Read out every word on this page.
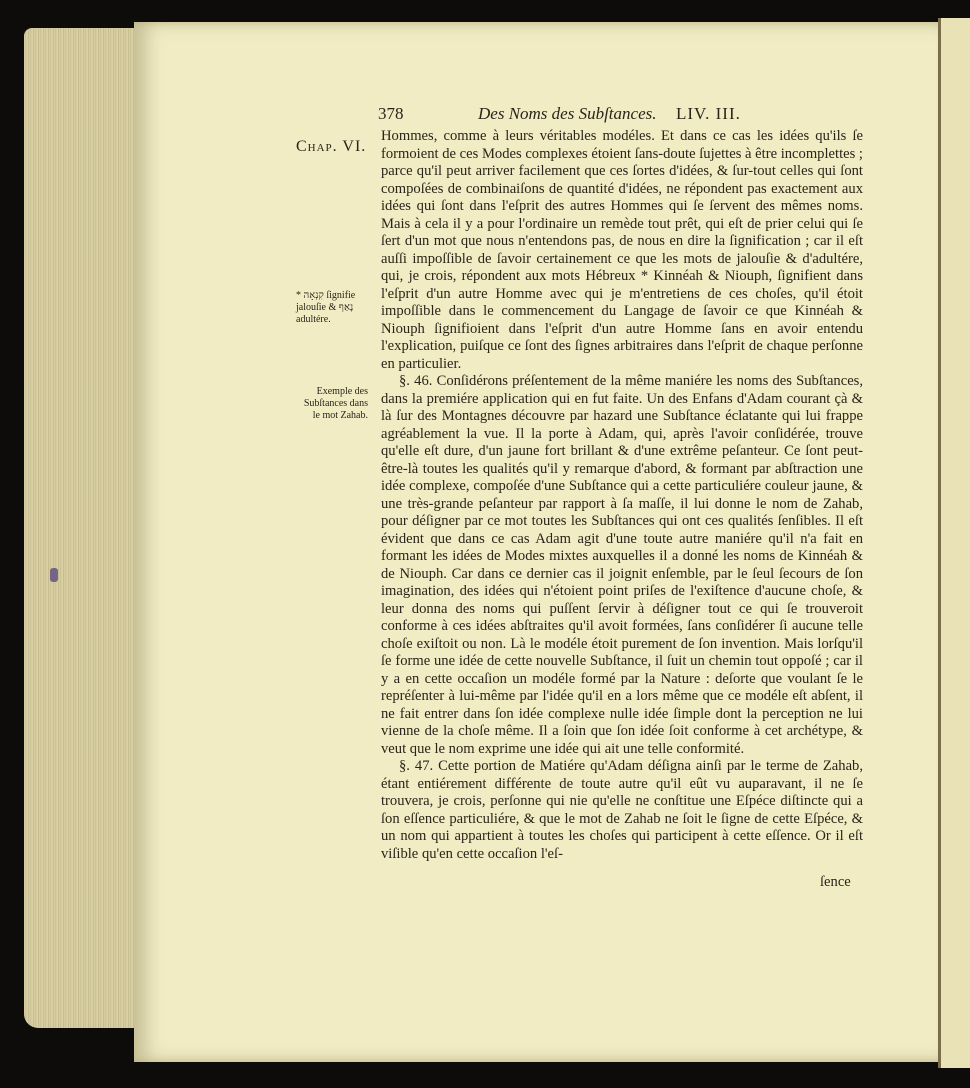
378	Des Noms des Subſtances. LIV. III.
Chap. VI.
* קִנְאָה ſignifie jalouſie & נָאַף adultére.
Exemple des Subſtances dans le mot Zahab.

Hommes, comme à leurs véritables modéles. Et dans ce cas les idées qu'ils ſe formoient de ces Modes complexes étoient ſans-doute ſujettes à être incomplettes ; parce qu'il peut arriver facilement que ces ſortes d'idées, & ſur-tout celles qui ſont compoſées de combinaiſons de quantité d'idées, ne répondent pas exactement aux idées qui ſont dans l'eſprit des autres Hommes qui ſe ſervent des mêmes noms. Mais à cela il y a pour l'ordinaire un remède tout prêt, qui eſt de prier celui qui ſe ſert d'un mot que nous n'entendons pas, de nous en dire la ſignification ; car il eſt auſſi impoſſible de ſavoir certainement ce que les mots de jalouſie & d'adultére, qui, je crois, répondent aux mots Hébreux * Kinnéah & Niouph, ſignifient dans l'eſprit d'un autre Homme avec qui je m'entretiens de ces choſes, qu'il étoit impoſſible dans le commencement du Langage de ſavoir ce que Kinnéah & Niouph ſignifioient dans l'eſprit d'un autre Homme ſans en avoir entendu l'explication, puiſque ce ſont des ſignes arbitraires dans l'eſprit de chaque perſonne en particulier.

§. 46. Conſidérons préſentement de la même maniére les noms des Subſtances, dans la premiére application qui en fut faite. Un des Enfans d'Adam courant çà & là ſur des Montagnes découvre par hazard une Subſtance éclatante qui lui frappe agréablement la vue. Il la porte à Adam, qui, après l'avoir conſidérée, trouve qu'elle eſt dure, d'un jaune fort brillant & d'une extrême peſanteur. Ce ſont peut-être-là toutes les qualités qu'il y remarque d'abord, & formant par abſtraction une idée complexe, compoſée d'une Subſtance qui a cette particuliére couleur jaune, & une très-grande peſanteur par rapport à ſa maſſe, il lui donne le nom de Zahab, pour déſigner par ce mot toutes les Subſtances qui ont ces qualités ſenſibles. Il eſt évident que dans ce cas Adam agit d'une toute autre maniére qu'il n'a fait en formant les idées de Modes mixtes auxquelles il a donné les noms de Kinnéah & de Niouph. Car dans ce dernier cas il joignit enſemble, par le ſeul ſecours de ſon imagination, des idées qui n'étoient point priſes de l'exiſtence d'aucune choſe, & leur donna des noms qui puſſent ſervir à déſigner tout ce qui ſe trouveroit conforme à ces idées abſtraites qu'il avoit formées, ſans conſidérer ſi aucune telle choſe exiſtoit ou non. Là le modéle étoit purement de ſon invention. Mais lorſqu'il ſe forme une idée de cette nouvelle Subſtance, il ſuit un chemin tout oppoſé ; car il y a en cette occaſion un modéle formé par la Nature : deſorte que voulant ſe le repréſenter à lui-même par l'idée qu'il en a lors même que ce modéle eſt abſent, il ne fait entrer dans ſon idée complexe nulle idée ſimple dont la perception ne lui vienne de la choſe même. Il a ſoin que ſon idée ſoit conforme à cet archétype, & veut que le nom exprime une idée qui ait une telle conformité.

§. 47. Cette portion de Matiére qu'Adam déſigna ainſi par le terme de Zahab, étant entiérement différente de toute autre qu'il eût vu auparavant, il ne ſe trouvera, je crois, perſonne qui nie qu'elle ne conſtitue une Eſpéce diſtincte qui a ſon eſſence particuliére, & que le mot de Zahab ne ſoit le ſigne de cette Eſpéce, & un nom qui appartient à toutes les choſes qui participent à cette eſſence. Or il eſt viſible qu'en cette occaſion l'eſ-

ſence
